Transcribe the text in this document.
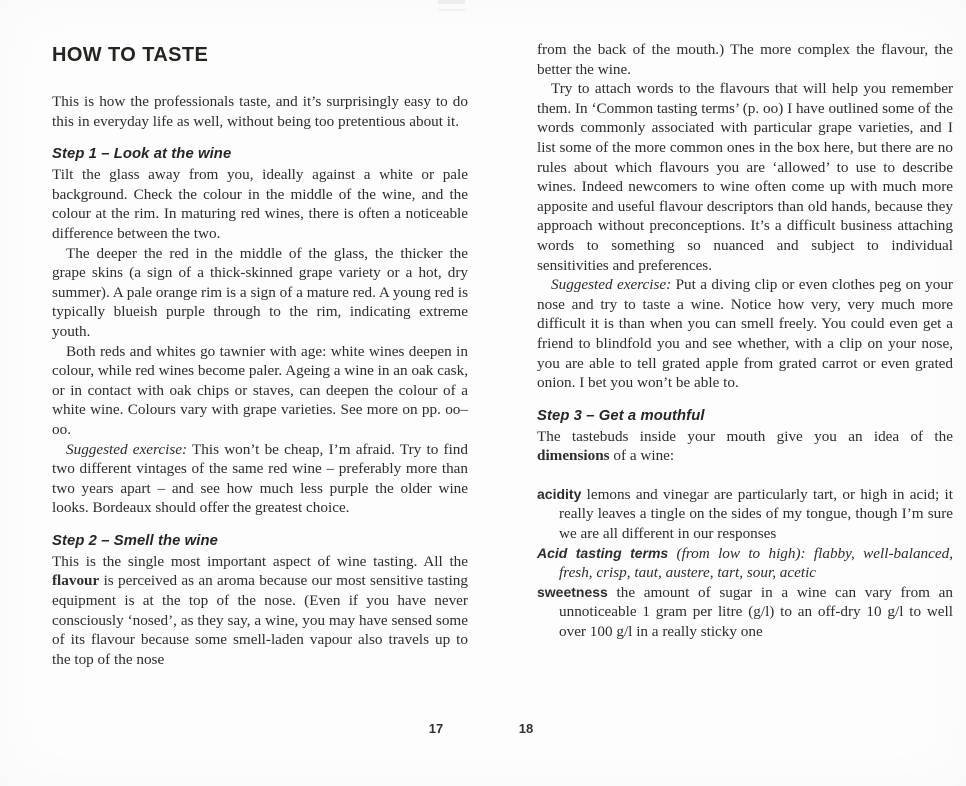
HOW TO TASTE

This is how the professionals taste, and it’s surprisingly easy to do this in everyday life as well, without being too pretentious about it.

Step 1 – Look at the wine

Tilt the glass away from you, ideally against a white or pale background. Check the colour in the middle of the wine, and the colour at the rim. In maturing red wines, there is often a noticeable difference between the two.

The deeper the red in the middle of the glass, the thicker the grape skins (a sign of a thick-skinned grape variety or a hot, dry summer). A pale orange rim is a sign of a mature red. A young red is typically blueish purple through to the rim, indicating extreme youth.

Both reds and whites go tawnier with age: white wines deepen in colour, while red wines become paler. Ageing a wine in an oak cask, or in contact with oak chips or staves, can deepen the colour of a white wine. Colours vary with grape varieties. See more on pp. oo–oo.

Suggested exercise: This won’t be cheap, I’m afraid. Try to find two different vintages of the same red wine – preferably more than two years apart – and see how much less purple the older wine looks. Bordeaux should offer the greatest choice.

Step 2 – Smell the wine

This is the single most important aspect of wine tasting. All the flavour is perceived as an aroma because our most sensitive tasting equipment is at the top of the nose. (Even if you have never consciously ‘nosed’, as they say, a wine, you may have sensed some of its flavour because some smell-laden vapour also travels up to the top of the nose

from the back of the mouth.) The more complex the flavour, the better the wine.

Try to attach words to the flavours that will help you remember them. In ‘Common tasting terms’ (p. oo) I have outlined some of the words commonly associated with particular grape varieties, and I list some of the more common ones in the box here, but there are no rules about which flavours you are ‘allowed’ to use to describe wines. Indeed newcomers to wine often come up with much more apposite and useful flavour descriptors than old hands, because they approach without preconceptions. It’s a difficult business attaching words to something so nuanced and subject to individual sensitivities and preferences.

Suggested exercise: Put a diving clip or even clothes peg on your nose and try to taste a wine. Notice how very, very much more difficult it is than when you can smell freely. You could even get a friend to blindfold you and see whether, with a clip on your nose, you are able to tell grated apple from grated carrot or even grated onion. I bet you won’t be able to.

Step 3 – Get a mouthful

The tastebuds inside your mouth give you an idea of the dimensions of a wine:

acidity lemons and vinegar are particularly tart, or high in acid; it really leaves a tingle on the sides of my tongue, though I’m sure we are all different in our responses

Acid tasting terms (from low to high): flabby, well-balanced, fresh, crisp, taut, austere, tart, sour, acetic

sweetness the amount of sugar in a wine can vary from an unnoticeable 1 gram per litre (g/l) to an off-dry 10 g/l to well over 100 g/l in a really sticky one

17	18
